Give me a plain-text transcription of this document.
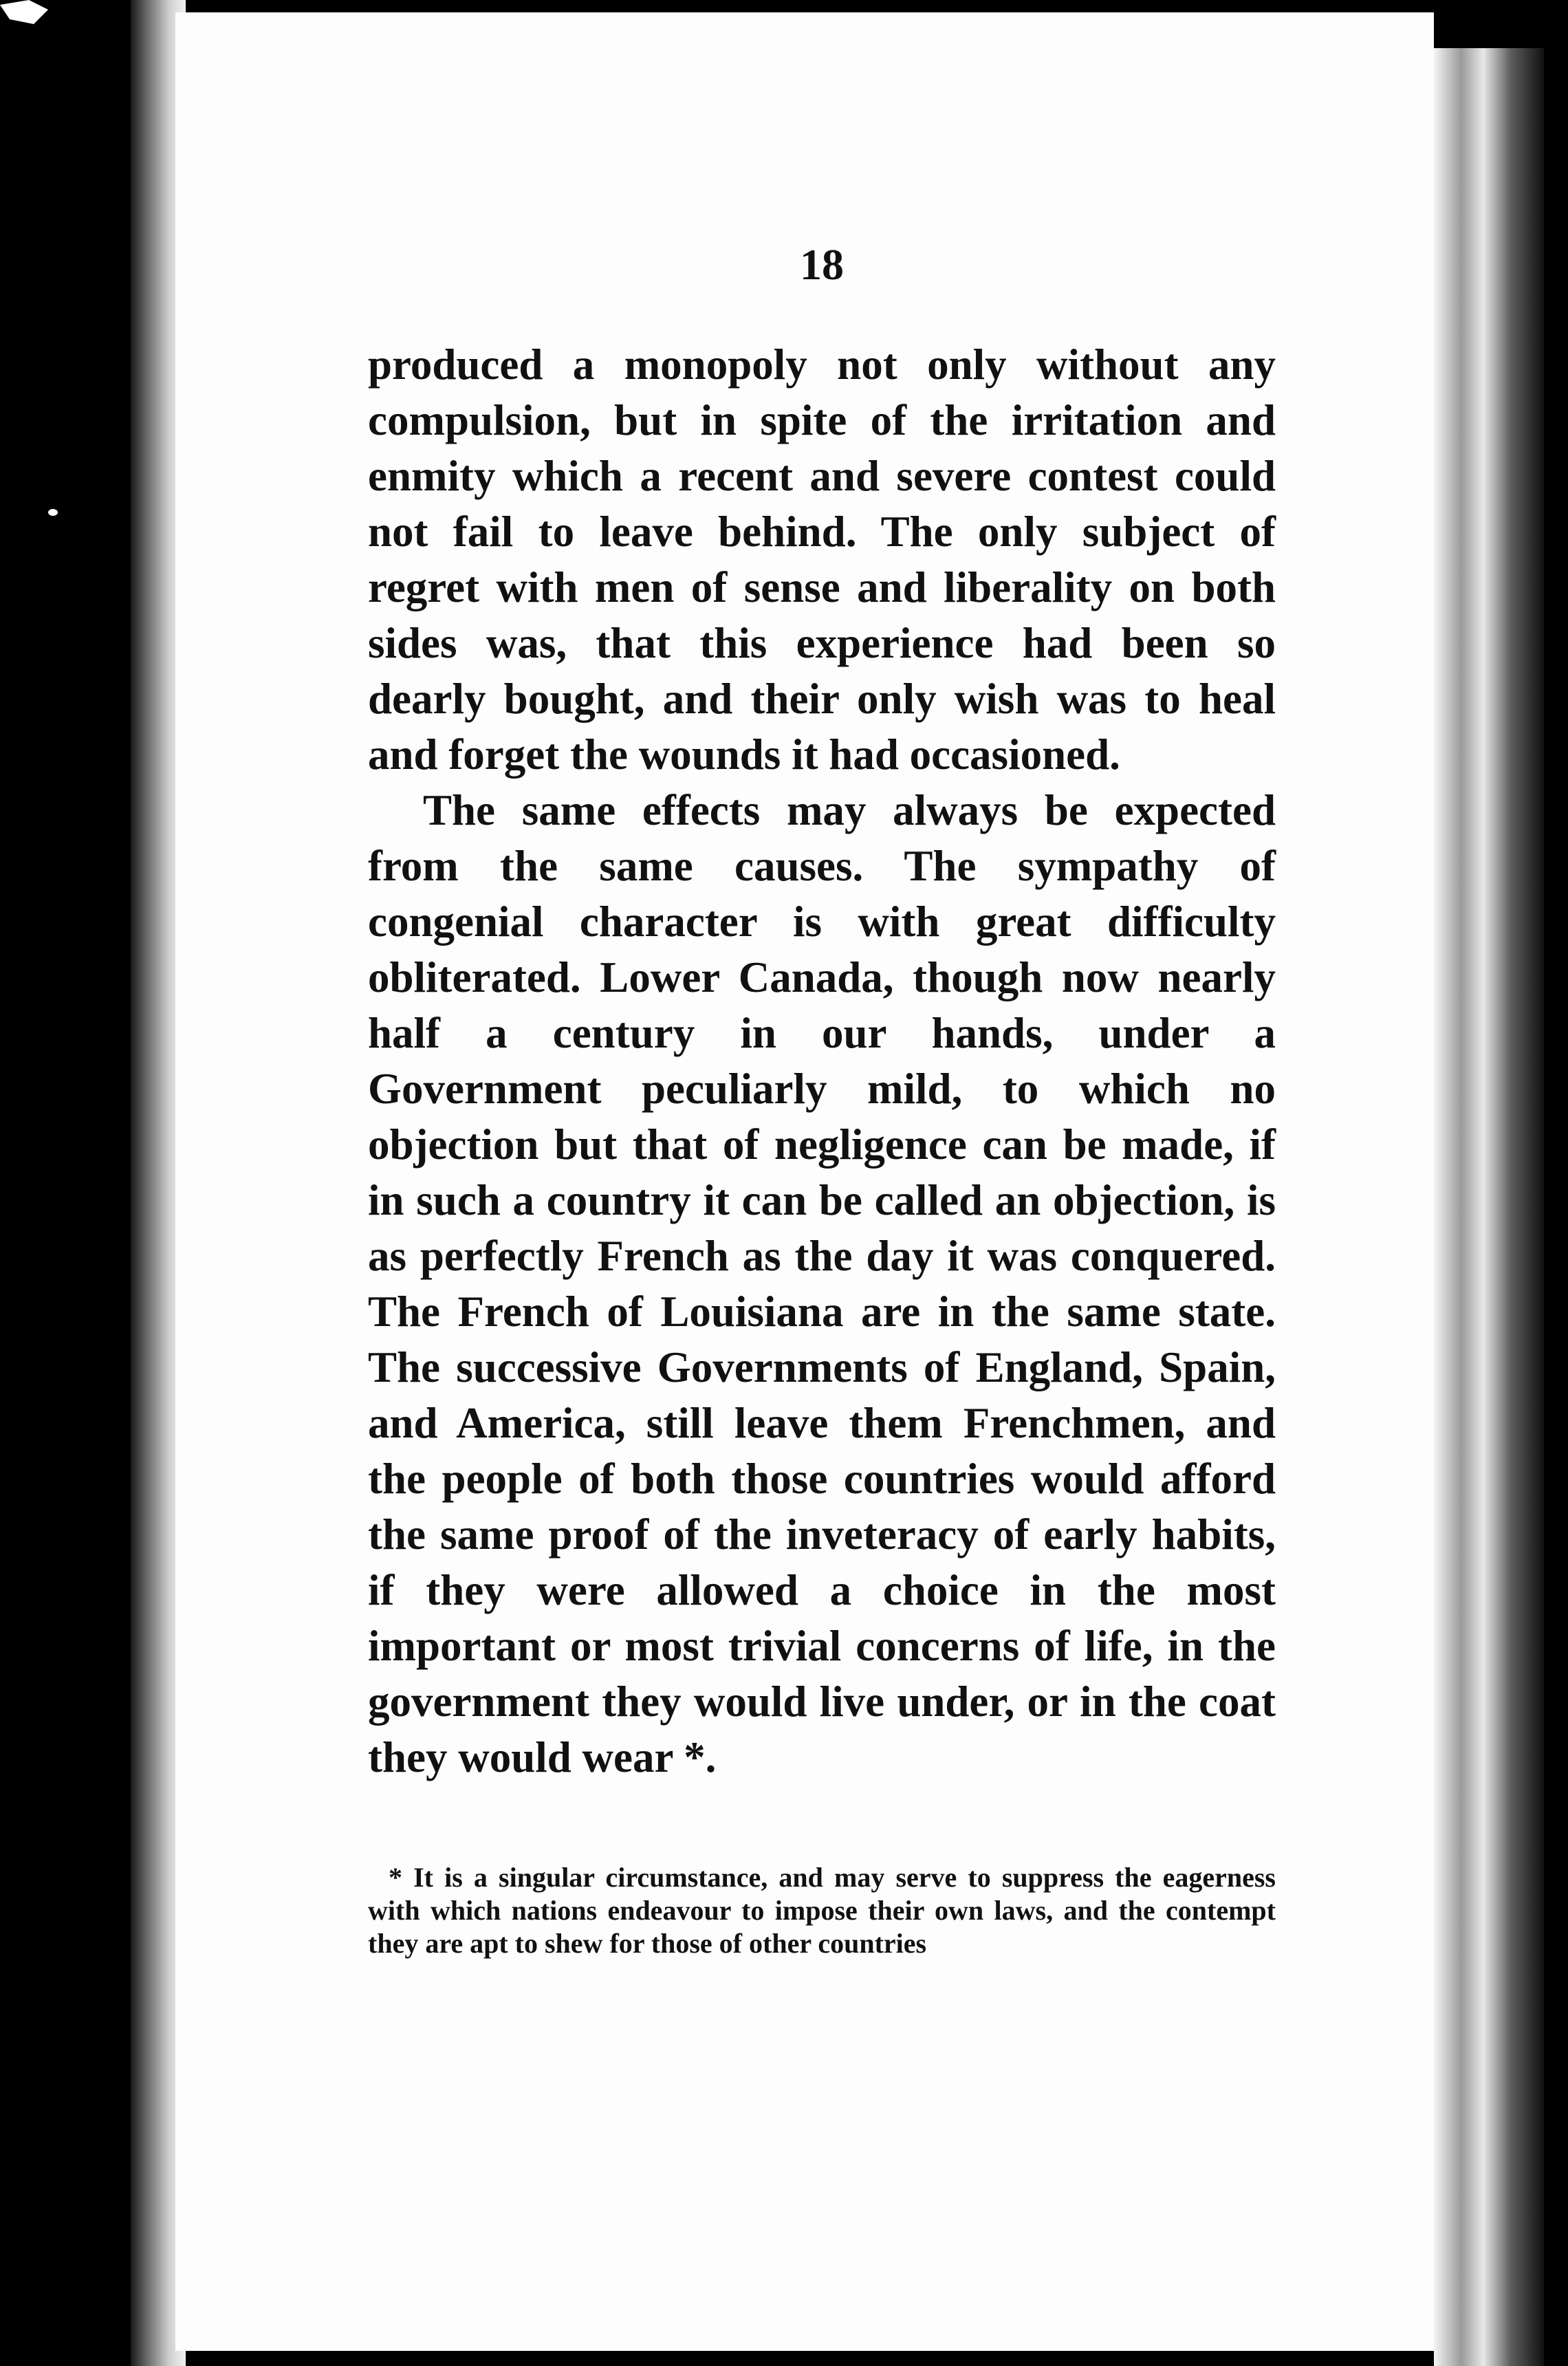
18

produced a monopoly not only without any compulsion, but in spite of the irritation and enmity which a recent and severe contest could not fail to leave behind. The only subject of regret with men of sense and liberality on both sides was, that this experience had been so dearly bought, and their only wish was to heal and forget the wounds it had occasioned.

The same effects may always be expected from the same causes. The sympathy of congenial character is with great difficulty obliterated. Lower Canada, though now nearly half a century in our hands, under a Government peculiarly mild, to which no objection but that of negligence can be made, if in such a country it can be called an objection, is as perfectly French as the day it was conquered. The French of Louisiana are in the same state. The successive Governments of England, Spain, and America, still leave them Frenchmen, and the people of both those countries would afford the same proof of the inveteracy of early habits, if they were allowed a choice in the most important or most trivial concerns of life, in the government they would live under, or in the coat they would wear *.

* It is a singular circumstance, and may serve to suppress the eagerness with which nations endeavour to impose their own laws, and the contempt they are apt to shew for those of other countries
